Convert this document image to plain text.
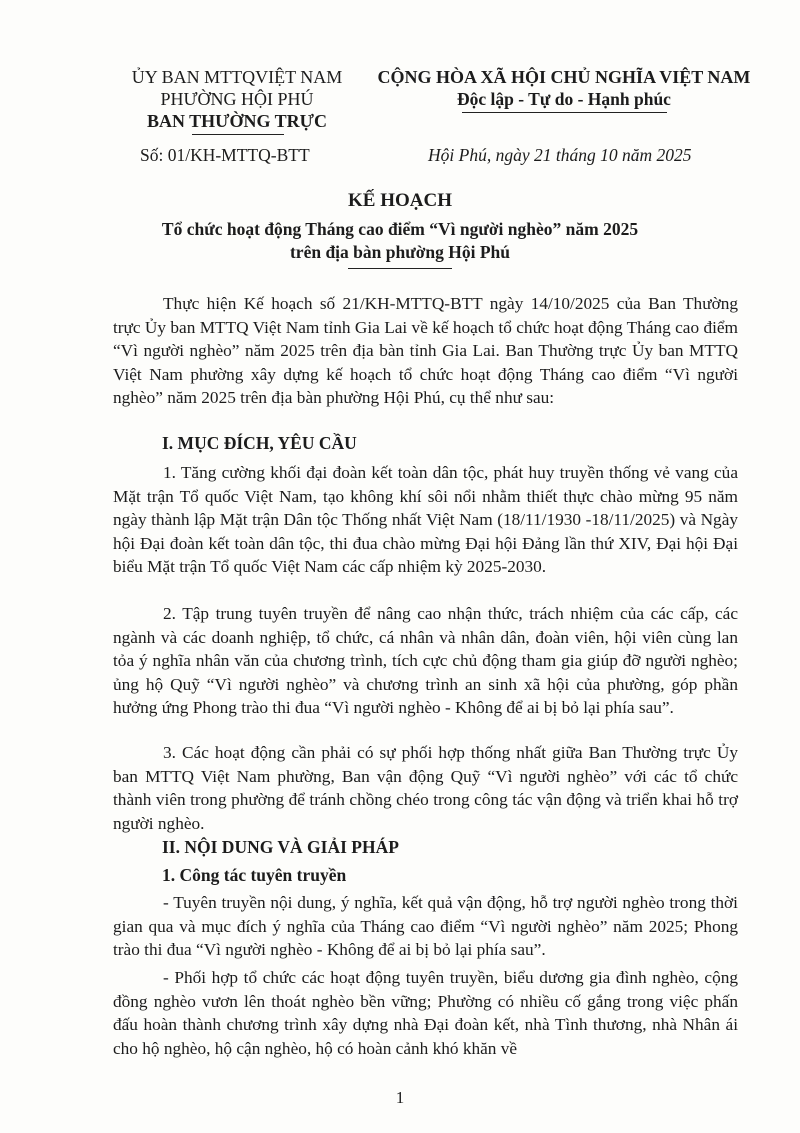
ỦY BAN MTTQVIỆT NAM
PHƯỜNG HỘI PHÚ
BAN THƯỜNG TRỰC
CỘNG HÒA XÃ HỘI CHỦ NGHĨA VIỆT NAM
Độc lập - Tự do - Hạnh phúc
Số: 01/KH-MTTQ-BTT	Hội Phú, ngày 21 tháng 10 năm 2025
KẾ HOẠCH
Tổ chức hoạt động Tháng cao điểm “Vì người nghèo” năm 2025
trên địa bàn phường Hội Phú
Thực hiện Kế hoạch số 21/KH-MTTQ-BTT ngày 14/10/2025 của Ban Thường trực Ủy ban MTTQ Việt Nam tỉnh Gia Lai về kế hoạch tổ chức hoạt động Tháng cao điểm “Vì người nghèo” năm 2025 trên địa bàn tỉnh Gia Lai. Ban Thường trực Ủy ban MTTQ Việt Nam phường xây dựng kế hoạch tổ chức hoạt động Tháng cao điểm “Vì người nghèo” năm 2025 trên địa bàn phường Hội Phú, cụ thể như sau:
I. MỤC ĐÍCH, YÊU CẦU
1. Tăng cường khối đại đoàn kết toàn dân tộc, phát huy truyền thống vẻ vang của Mặt trận Tổ quốc Việt Nam, tạo không khí sôi nổi nhằm thiết thực chào mừng 95 năm ngày thành lập Mặt trận Dân tộc Thống nhất Việt Nam (18/11/1930 -18/11/2025) và Ngày hội Đại đoàn kết toàn dân tộc, thi đua chào mừng Đại hội Đảng lần thứ XIV, Đại hội Đại biểu Mặt trận Tổ quốc Việt Nam các cấp nhiệm kỳ 2025-2030.
2. Tập trung tuyên truyền để nâng cao nhận thức, trách nhiệm của các cấp, các ngành và các doanh nghiệp, tổ chức, cá nhân và nhân dân, đoàn viên, hội viên cùng lan tỏa ý nghĩa nhân văn của chương trình, tích cực chủ động tham gia giúp đỡ người nghèo; ủng hộ Quỹ “Vì người nghèo” và chương trình an sinh xã hội của phường, góp phần hưởng ứng Phong trào thi đua “Vì người nghèo - Không để ai bị bỏ lại phía sau”.
3. Các hoạt động cần phải có sự phối hợp thống nhất giữa Ban Thường trực Ủy ban MTTQ Việt Nam phường, Ban vận động Quỹ “Vì người nghèo” với các tổ chức thành viên trong phường để tránh chồng chéo trong công tác vận động và triển khai hỗ trợ người nghèo.
II. NỘI DUNG VÀ GIẢI PHÁP
1. Công tác tuyên truyền
- Tuyên truyền nội dung, ý nghĩa, kết quả vận động, hỗ trợ người nghèo trong thời gian qua và mục đích ý nghĩa của Tháng cao điểm “Vì người nghèo” năm 2025; Phong trào thi đua “Vì người nghèo - Không để ai bị bỏ lại phía sau”.
- Phối hợp tổ chức các hoạt động tuyên truyền, biểu dương gia đình nghèo, cộng đồng nghèo vươn lên thoát nghèo bền vững; Phường có nhiều cố gắng trong việc phấn đấu hoàn thành chương trình xây dựng nhà Đại đoàn kết, nhà Tình thương, nhà Nhân ái cho hộ nghèo, hộ cận nghèo, hộ có hoàn cảnh khó khăn về
1
